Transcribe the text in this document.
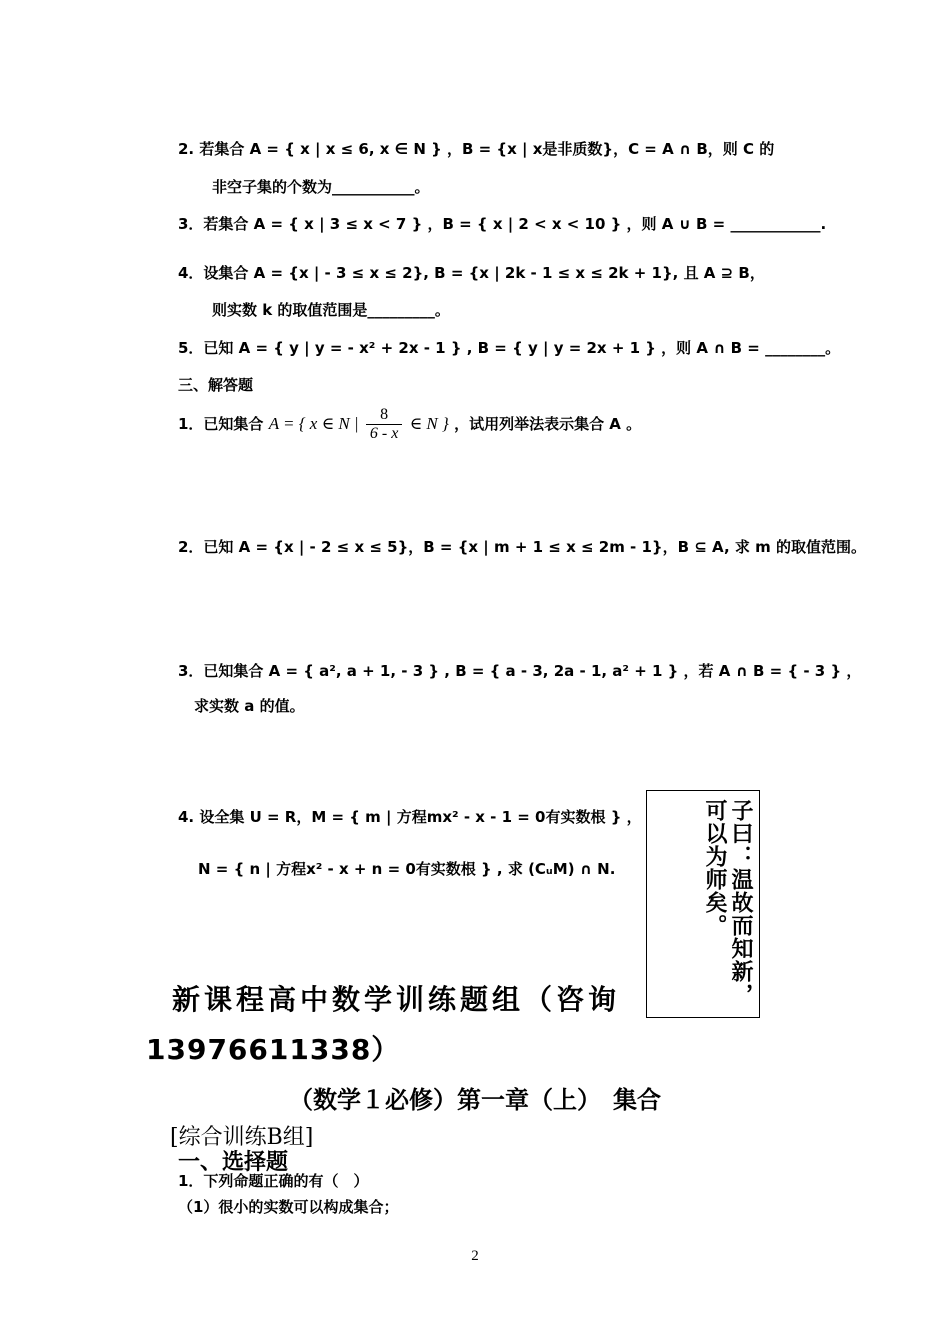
2. 若集合 A = { x | x ≤ 6, x ∈ N } ，B = {x | x是非质数}，C = A ∩ B，则 C 的
非空子集的个数为___________。
3．若集合 A = { x | 3 ≤ x < 7 } ，B = { x | 2 < x < 10 } ，则 A ∪ B = ____________.
4．设集合 A = {x | - 3 ≤ x ≤ 2}, B = {x | 2k - 1 ≤ x ≤ 2k + 1}, 且 A ⊇ B，
则实数 k 的取值范围是_________。
5．已知 A = { y | y = - x² + 2x - 1 } , B = { y | y = 2x + 1 } ，则 A ∩ B = ________。
三、解答题
1．已知集合 A = { x ∈ N | $\frac{8}{6 - x}$ ∈ N } ，试用列举法表示集合 A 。
2．已知 A = {x | - 2 ≤ x ≤ 5}，B = {x | m + 1 ≤ x ≤ 2m - 1}，B ⊆ A, 求 m 的取值范围。
3．已知集合 A = { a², a + 1, - 3 } , B = { a - 3, 2a - 1, a² + 1 } ，若 A ∩ B = { - 3 } ，
求实数 a 的值。
4. 设全集 U = R，M = { m | 方程mx² - x - 1 = 0有实数根 } ，
N = { n | 方程x² - x + n = 0有实数根 } , 求 (CᵤM) ∩ N.	子曰：温故而知新，可以为师矣。
新课程高中数学训练题组（咨询
13976611338）
（数学１必修）第一章（上）　集合
[综合训练B组]
一、选择题
1．下列命题正确的有（　）
（1）很小的实数可以构成集合；
2
